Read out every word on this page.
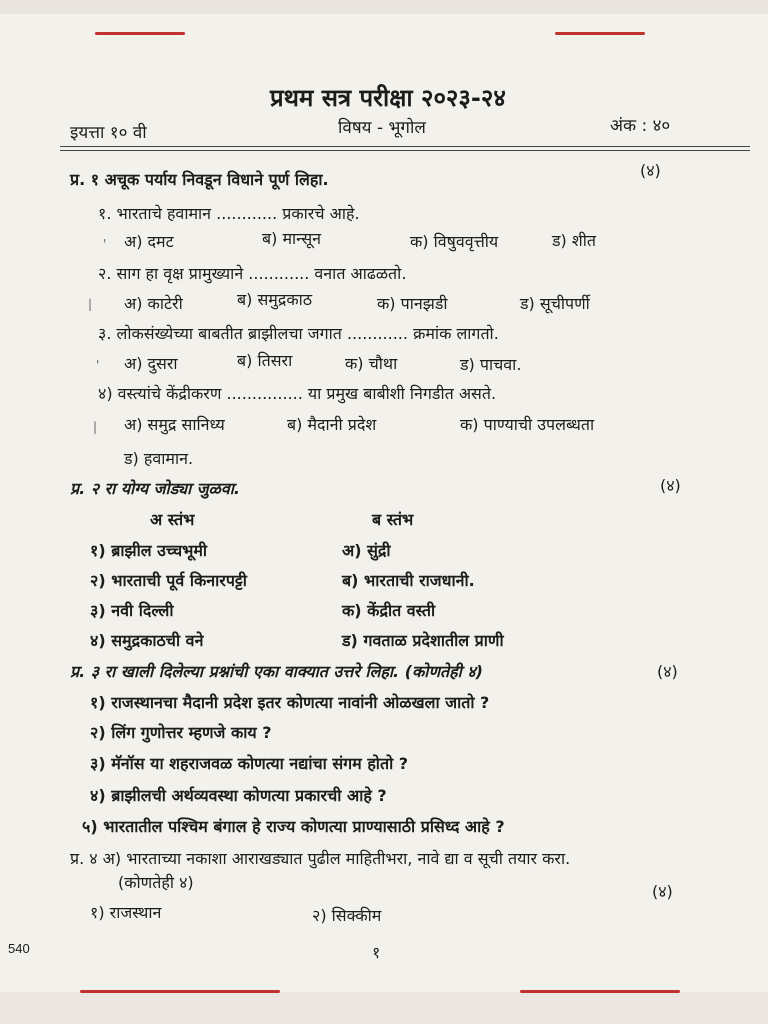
प्रथम सत्र परीक्षा २०२३-२४
इयत्ता १० वी	विषय - भूगोल	अंक : ४०
प्र. १ अचूक पर्याय निवडून विधाने पूर्ण लिहा.	(४)
१. भारताचे हवामान ............ प्रकारचे आहे.
अ) दमट	ब) मान्सून	क) विषुववृत्तीय	ड) शीत
२. साग हा वृक्ष प्रामुख्याने ............ वनात आढळतो.
अ) काटेरी	ब) समुद्रकाठ	क) पानझडी	ड) सूचीपर्णी
३. लोकसंख्येच्या बाबतीत ब्राझीलचा जगात ............ क्रमांक लागतो.
अ) दुसरा	ब) तिसरा	क) चौथा	ड) पाचवा.
४) वस्त्यांचे केंद्रीकरण ............... या प्रमुख बाबीशी निगडीत असते.
अ) समुद्र सानिध्य	ब) मैदानी प्रदेश	क) पाण्याची उपलब्धता
ड) हवामान.
'
|
'
|
प्र. २ रा योग्य जोड्या जुळवा.	(४)
अ स्तंभ	ब स्तंभ
१) ब्राझील उच्चभूमी	अ) सुंद्री
२) भारताची पूर्व किनारपट्टी	ब) भारताची राजधानी.
३) नवी दिल्ली	क) केंद्रीत वस्ती
४) समुद्रकाठची वने	ड) गवताळ प्रदेशातील प्राणी
प्र. ३ रा खाली दिलेल्या प्रश्नांची एका वाक्यात उत्तरे लिहा. (कोणतेही ४)	(४)
१) राजस्थानचा मैदानी प्रदेश इतर कोणत्या नावांनी ओळखला जातो ?
२) लिंग गुणोत्तर म्हणजे काय ?
३) मॅनॉस या शहराजवळ कोणत्या नद्यांचा संगम होतो ?
४) ब्राझीलची अर्थव्यवस्था कोणत्या प्रकारची आहे ?
५) भारतातील पश्चिम बंगाल हे राज्य कोणत्या प्राण्यासाठी प्रसिध्द आहे ?
प्र. ४ अ) भारताच्या नकाशा आराखड्यात पुढील माहितीभरा, नावे द्या व सूची तयार करा.
(कोणतेही ४)	(४)
१) राजस्थान	२) सिक्कीम
१
540
